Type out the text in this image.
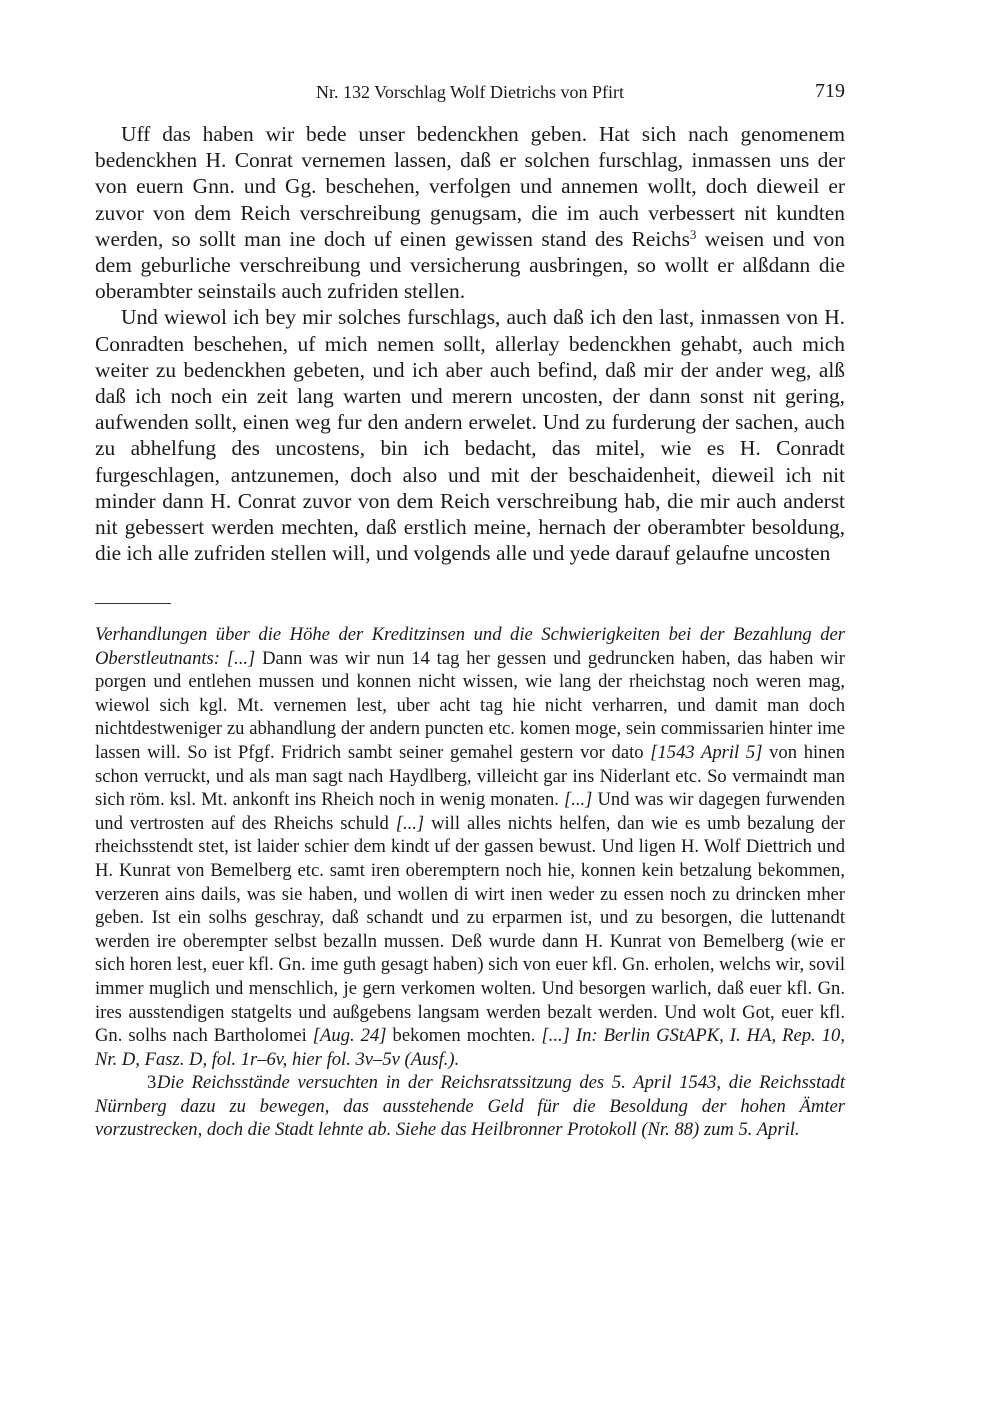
Nr. 132 Vorschlag Wolf Dietrichs von Pfirt	719

Uff das haben wir bede unser bedenckhen geben. Hat sich nach genomenem bedenckhen H. Conrat vernemen lassen, daß er solchen furschlag, inmassen uns der von euern Gnn. und Gg. beschehen, verfolgen und annemen wollt, doch dieweil er zuvor von dem Reich verschreibung genugsam, die im auch verbessert nit kundten werden, so sollt man ine doch uf einen gewissen stand des Reichs$^3$ weisen und von dem geburliche verschreibung und versicherung ausbringen, so wollt er alßdann die oberambter seinstails auch zufriden stellen.

Und wiewol ich bey mir solches furschlags, auch daß ich den last, inmassen von H. Conradten beschehen, uf mich nemen sollt, allerlay bedenckhen gehabt, auch mich weiter zu bedenckhen gebeten, und ich aber auch befind, daß mir der ander weg, alß daß ich noch ein zeit lang warten und merern uncosten, der dann sonst nit gering, aufwenden sollt, einen weg fur den andern erwelet. Und zu furderung der sachen, auch zu abhelfung des uncostens, bin ich bedacht, das mitel, wie es H. Conradt furgeschlagen, antzunemen, doch also und mit der beschaidenheit, dieweil ich nit minder dann H. Conrat zuvor von dem Reich verschreibung hab, die mir auch anderst nit gebessert werden mechten, daß erstlich meine, hernach der oberambter besoldung, die ich alle zufriden stellen will, und volgends alle und yede darauf gelaufne uncosten

Verhandlungen über die Höhe der Kreditzinsen und die Schwierigkeiten bei der Bezahlung der Oberstleutnants: [...] Dann was wir nun 14 tag her gessen und gedruncken haben, das haben wir porgen und entlehen mussen und konnen nicht wissen, wie lang der rheichstag noch weren mag, wiewol sich kgl. Mt. vernemen lest, uber acht tag hie nicht verharren, und damit man doch nichtdestweniger zu abhandlung der andern puncten etc. komen moge, sein commissarien hinter ime lassen will. So ist Pfgf. Fridrich sambt seiner gemahel gestern vor dato [1543 April 5] von hinen schon verruckt, und als man sagt nach Haydlberg, villeicht gar ins Niderlant etc. So vermaindt man sich röm. ksl. Mt. ankonft ins Rheich noch in wenig monaten. [...] Und was wir dagegen furwenden und vertrosten auf des Rheichs schuld [...] will alles nichts helfen, dan wie es umb bezalung der rheichsstendt stet, ist laider schier dem kindt uf der gassen bewust. Und ligen H. Wolf Diettrich und H. Kunrat von Bemelberg etc. samt iren oberemptern noch hie, konnen kein betzalung bekommen, verzeren ains dails, was sie haben, und wollen di wirt inen weder zu essen noch zu drincken mher geben. Ist ein solhs geschray, daß schandt und zu erparmen ist, und zu besorgen, die luttenandt werden ire oberempter selbst bezalln mussen. Deß wurde dann H. Kunrat von Bemelberg (wie er sich horen lest, euer kfl. Gn. ime guth gesagt haben) sich von euer kfl. Gn. erholen, welchs wir, sovil immer muglich und menschlich, je gern verkomen wolten. Und besorgen warlich, daß euer kfl. Gn. ires ausstendigen statgelts und außgebens langsam werden bezalt werden. Und wolt Got, euer kfl. Gn. solhs nach Bartholomei [Aug. 24] bekomen mochten. [...] In: Berlin GStAPK, I. HA, Rep. 10, Nr. D, Fasz. D, fol. 1r–6v, hier fol. 3v–5v (Ausf.).

3Die Reichsstände versuchten in der Reichsratssitzung des 5. April 1543, die Reichsstadt Nürnberg dazu zu bewegen, das ausstehende Geld für die Besoldung der hohen Ämter vorzustrecken, doch die Stadt lehnte ab. Siehe das Heilbronner Protokoll (Nr. 88) zum 5. April.
